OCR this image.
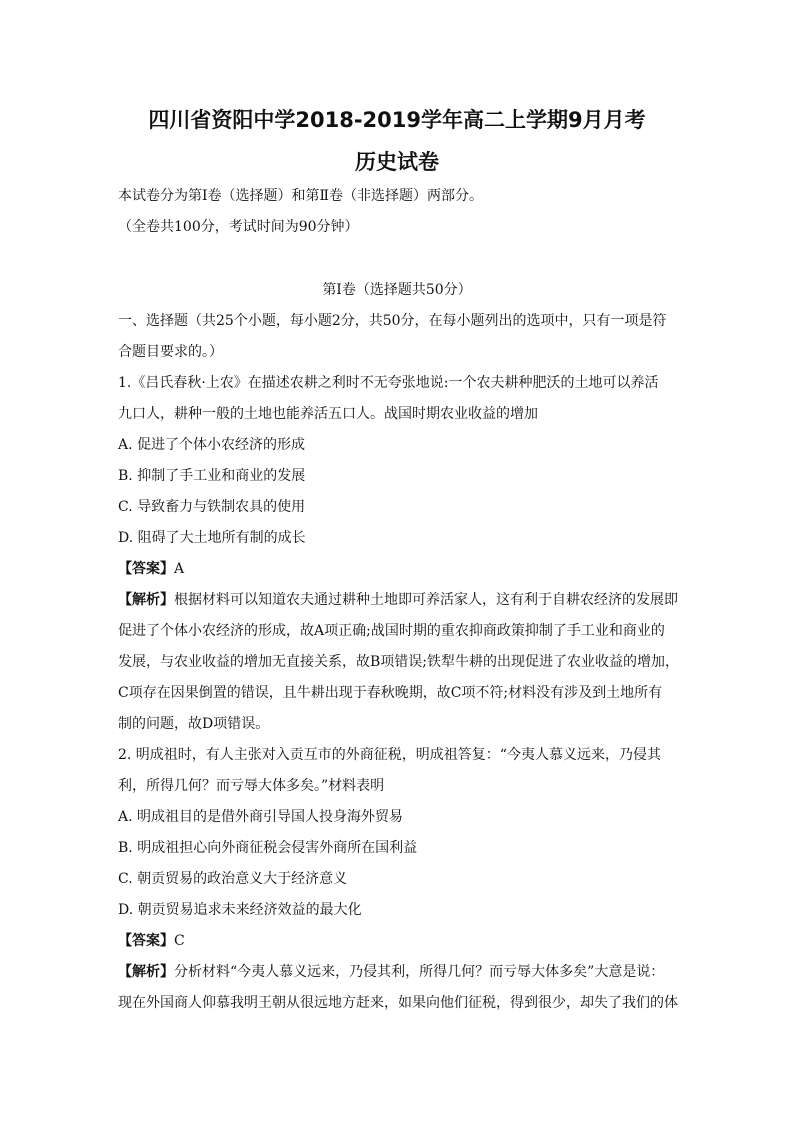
四川省资阳中学2018-2019学年高二上学期9月月考
历史试卷
本试卷分为第Ⅰ卷（选择题）和第Ⅱ卷（非选择题）两部分。
（全卷共100分，考试时间为90分钟）
第Ⅰ卷（选择题共50分）
一、选择题（共25个小题，每小题2分，共50分，在每小题列出的选项中，只有一项是符
合题目要求的。）
1.《吕氏春秋·上农》在描述农耕之利时不无夸张地说:一个农夫耕种肥沃的土地可以养活
九口人，耕种一般的土地也能养活五口人。战国时期农业收益的增加
A. 促进了个体小农经济的形成
B. 抑制了手工业和商业的发展
C. 导致畜力与铁制农具的使用
D. 阻碍了大土地所有制的成长
【答案】A
【解析】根据材料可以知道农夫通过耕种土地即可养活家人，这有利于自耕农经济的发展即
促进了个体小农经济的形成，故A项正确;战国时期的重农抑商政策抑制了手工业和商业的
发展，与农业收益的增加无直接关系，故B项错误;铁犁牛耕的出现促进了农业收益的增加，
C项存在因果倒置的错误，且牛耕出现于春秋晚期，故C项不符;材料没有涉及到土地所有
制的问题，故D项错误。
2. 明成祖时，有人主张对入贡互市的外商征税，明成祖答复：“今夷人慕义远来，乃侵其
利，所得几何？而亏辱大体多矣。”材料表明
A. 明成祖目的是借外商引导国人投身海外贸易
B. 明成祖担心向外商征税会侵害外商所在国利益
C. 朝贡贸易的政治意义大于经济意义
D. 朝贡贸易追求未来经济效益的最大化
【答案】C
【解析】分析材料“今夷人慕义远来，乃侵其利，所得几何？而亏辱大体多矣”大意是说：
现在外国商人仰慕我明王朝从很远地方赶来，如果向他们征税，得到很少，却失了我们的体
